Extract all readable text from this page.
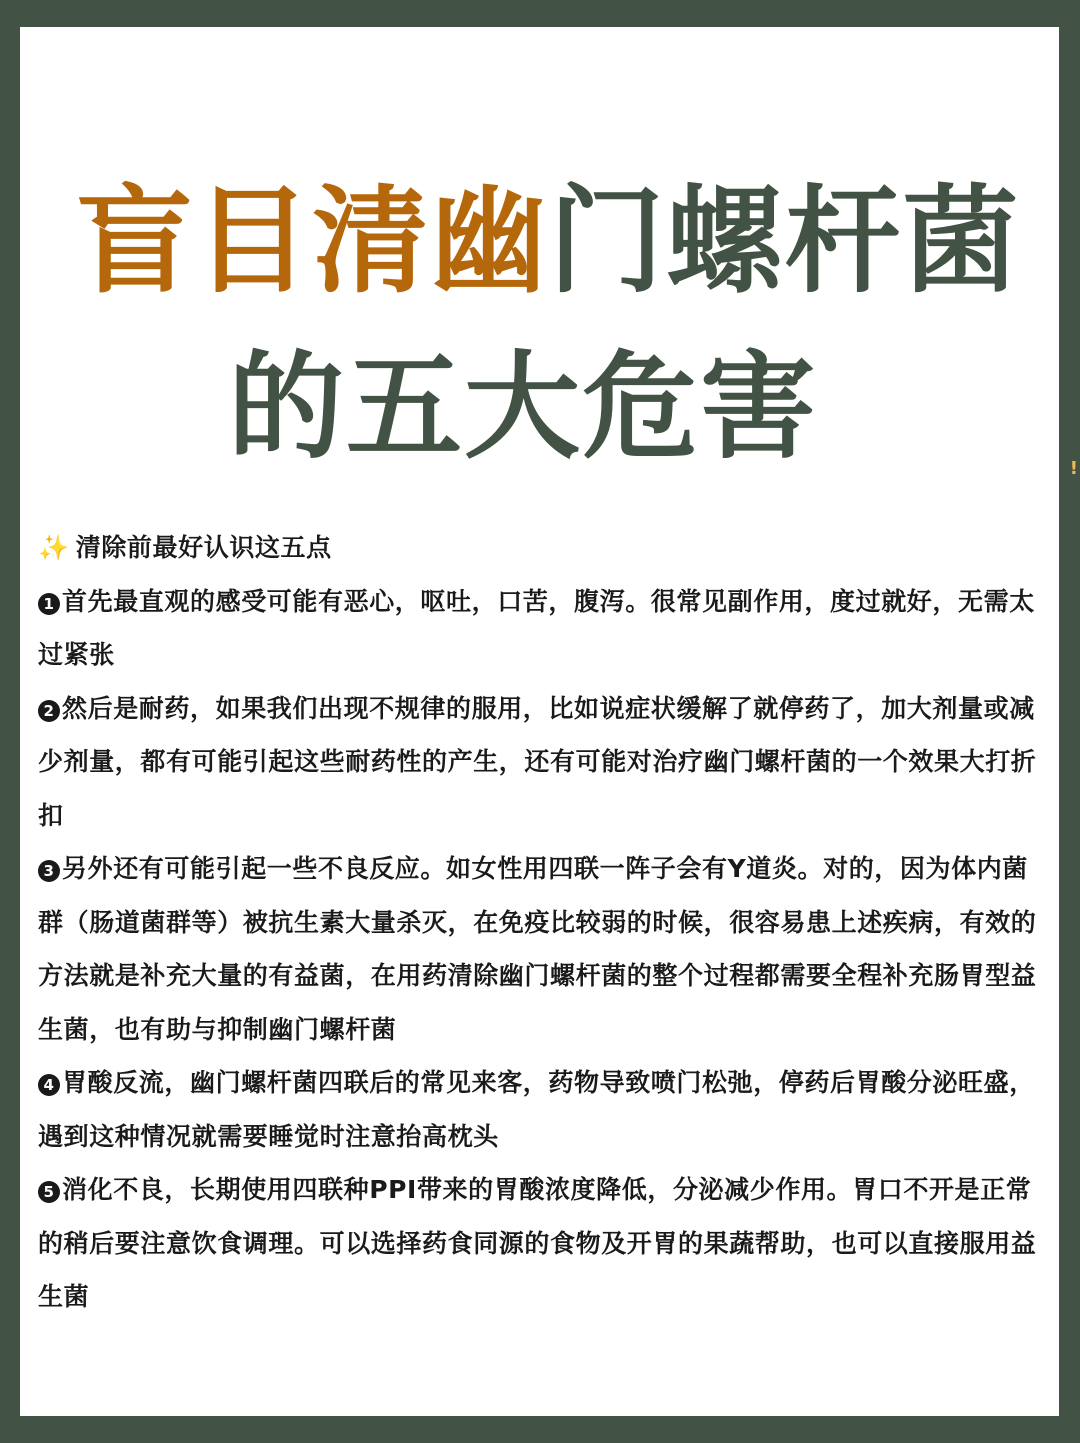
盲目清幽门螺杆菌
的五大危害

✨ 清除前最好认识这五点

1 首先最直观的感受可能有恶心，呕吐，口苦，腹泻。很常见副作用，度过就好，无需太过紧张

2 然后是耐药，如果我们出现不规律的服用，比如说症状缓解了就停药了，加大剂量或减少剂量，都有可能引起这些耐药性的产生，还有可能对治疗幽门螺杆菌的一个效果大打折扣

3 另外还有可能引起一些不良反应。如女性用四联一阵子会有Y道炎。对的，因为体内菌群（肠道菌群等）被抗生素大量杀灭，在免疫比较弱的时候，很容易患上述疾病，有效的方法就是补充大量的有益菌，在用药清除幽门螺杆菌的整个过程都需要全程补充肠胃型益生菌，也有助与抑制幽门螺杆菌

4 胃酸反流，幽门螺杆菌四联后的常见来客，药物导致喷门松弛，停药后胃酸分泌旺盛，遇到这种情况就需要睡觉时注意抬高枕头

5 消化不良，长期使用四联种PPI带来的胃酸浓度降低，分泌减少作用。胃口不开是正常的稍后要注意饮食调理。可以选择药食同源的食物及开胃的果蔬帮助，也可以直接服用益生菌

!
